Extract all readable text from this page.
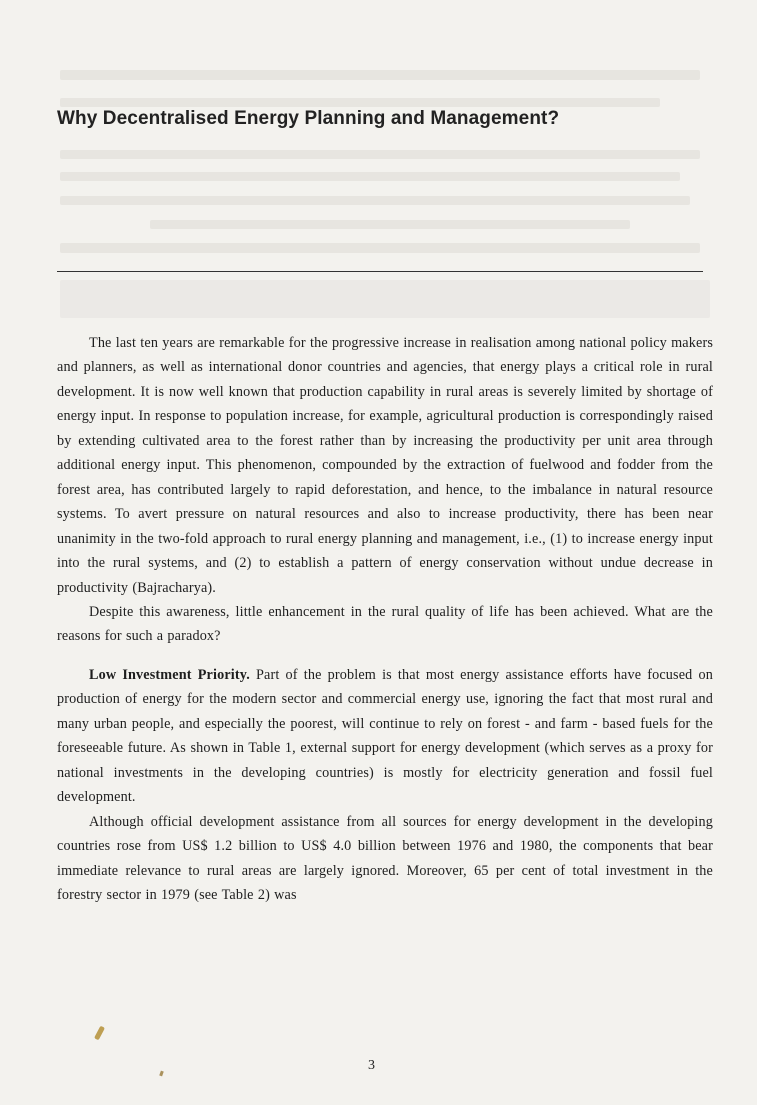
Why Decentralised Energy Planning and Management?

The last ten years are remarkable for the progressive increase in realisation among national policy makers and planners, as well as international donor countries and agencies, that energy plays a critical role in rural development. It is now well known that production capability in rural areas is severely limited by shortage of energy input. In response to population increase, for example, agricultural production is correspondingly raised by extending cultivated area to the forest rather than by increasing the productivity per unit area through additional energy input. This phenomenon, compounded by the extraction of fuelwood and fodder from the forest area, has contributed largely to rapid deforestation, and hence, to the imbalance in natural resource systems. To avert pressure on natural resources and also to increase productivity, there has been near unanimity in the two-fold approach to rural energy planning and management, i.e., (1) to increase energy input into the rural systems, and (2) to establish a pattern of energy conservation without undue decrease in productivity (Bajracharya).

Despite this awareness, little enhancement in the rural quality of life has been achieved. What are the reasons for such a paradox?

Low Investment Priority. Part of the problem is that most energy assistance efforts have focused on production of energy for the modern sector and commercial energy use, ignoring the fact that most rural and many urban people, and especially the poorest, will continue to rely on forest - and farm - based fuels for the foreseeable future. As shown in Table 1, external support for energy development (which serves as a proxy for national investments in the developing countries) is mostly for electricity generation and fossil fuel development.

Although official development assistance from all sources for energy development in the developing countries rose from US$ 1.2 billion to US$ 4.0 billion between 1976 and 1980, the components that bear immediate relevance to rural areas are largely ignored. Moreover, 65 per cent of total investment in the forestry sector in 1979 (see Table 2) was

3
